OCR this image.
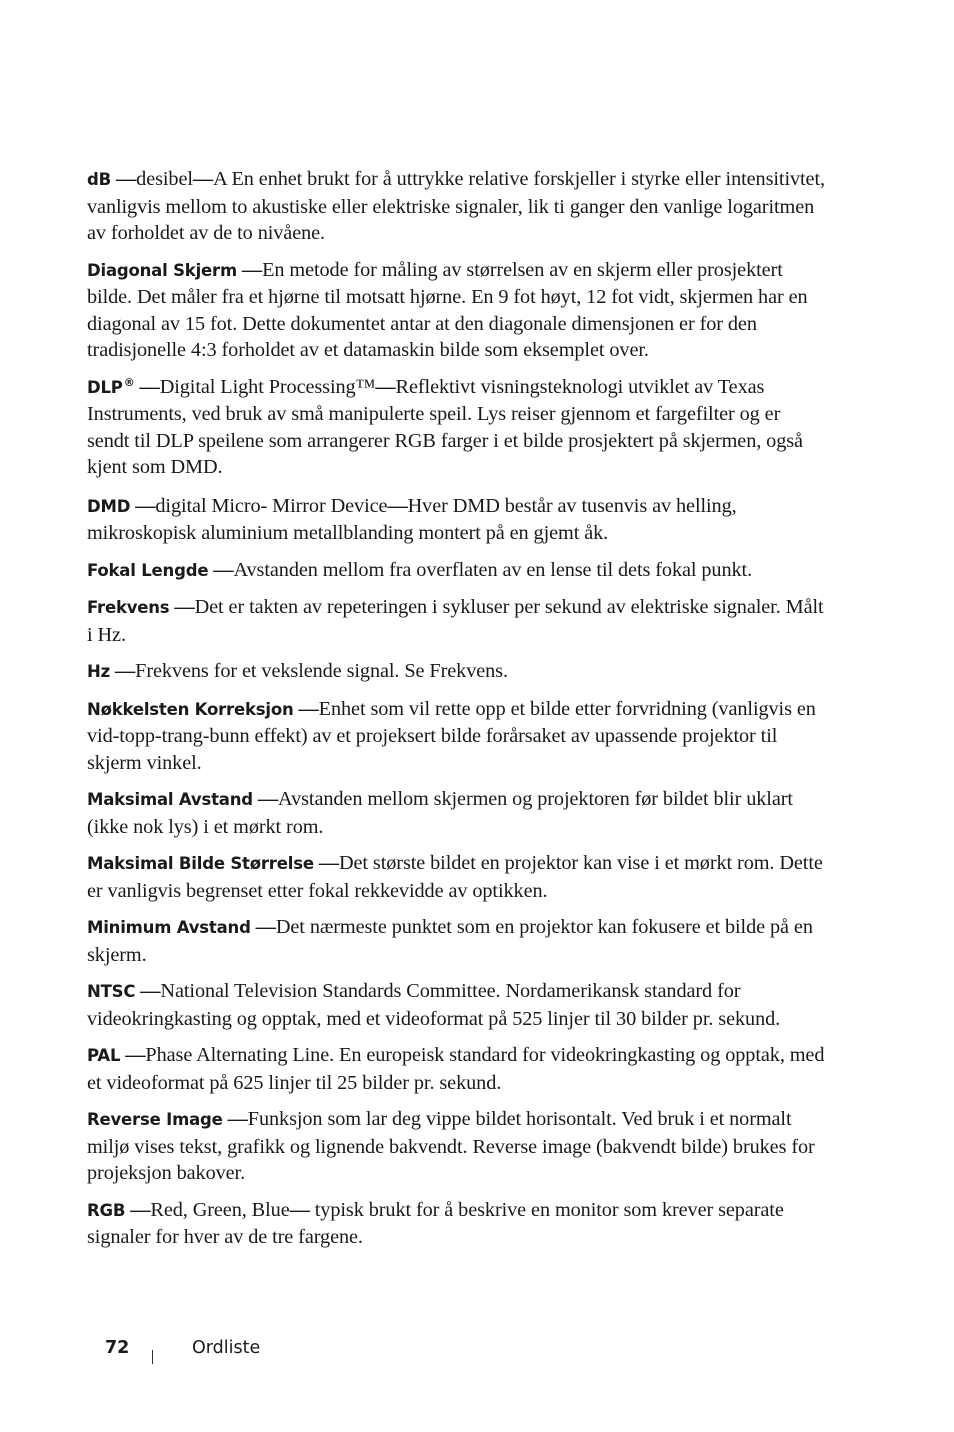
dB —desibel—A En enhet brukt for å uttrykke relative forskjeller i styrke eller intensitivtet, vanligvis mellom to akustiske eller elektriske signaler, lik ti ganger den vanlige logaritmen av forholdet av de to nivåene.

Diagonal Skjerm —En metode for måling av størrelsen av en skjerm eller prosjektert bilde. Det måler fra et hjørne til motsatt hjørne. En 9 fot høyt, 12 fot vidt, skjermen har en diagonal av 15 fot. Dette dokumentet antar at den diagonale dimensjonen er for den tradisjonelle 4:3 forholdet av et datamaskin bilde som eksemplet over.

DLP® —Digital Light Processing™—Reflektivt visningsteknologi utviklet av Texas Instruments, ved bruk av små manipulerte speil. Lys reiser gjennom et fargefilter og er sendt til DLP speilene som arrangerer RGB farger i et bilde prosjektert på skjermen, også kjent som DMD.

DMD —digital Micro- Mirror Device—Hver DMD består av tusenvis av helling, mikroskopisk aluminium metallblanding montert på en gjemt åk.

Fokal Lengde —Avstanden mellom fra overflaten av en lense til dets fokal punkt.

Frekvens —Det er takten av repeteringen i sykluser per sekund av elektriske signaler. Målt i Hz.

Hz —Frekvens for et vekslende signal. Se Frekvens.

Nøkkelsten Korreksjon —Enhet som vil rette opp et bilde etter forvridning (vanligvis en vid-topp-trang-bunn effekt) av et projeksert bilde forårsaket av upassende projektor til skjerm vinkel.

Maksimal Avstand —Avstanden mellom skjermen og projektoren før bildet blir uklart (ikke nok lys) i et mørkt rom.

Maksimal Bilde Størrelse —Det største bildet en projektor kan vise i et mørkt rom. Dette er vanligvis begrenset etter fokal rekkevidde av optikken.

Minimum Avstand —Det nærmeste punktet som en projektor kan fokusere et bilde på en skjerm.

NTSC —National Television Standards Committee. Nordamerikansk standard for videokringkasting og opptak, med et videoformat på 525 linjer til 30 bilder pr. sekund.

PAL —Phase Alternating Line. En europeisk standard for videokringkasting og opptak, med et videoformat på 625 linjer til 25 bilder pr. sekund.

Reverse Image —Funksjon som lar deg vippe bildet horisontalt. Ved bruk i et normalt miljø vises tekst, grafikk og lignende bakvendt. Reverse image (bakvendt bilde) brukes for projeksjon bakover.

RGB —Red, Green, Blue— typisk brukt for å beskrive en monitor som krever separate signaler for hver av de tre fargene.

72	Ordliste
